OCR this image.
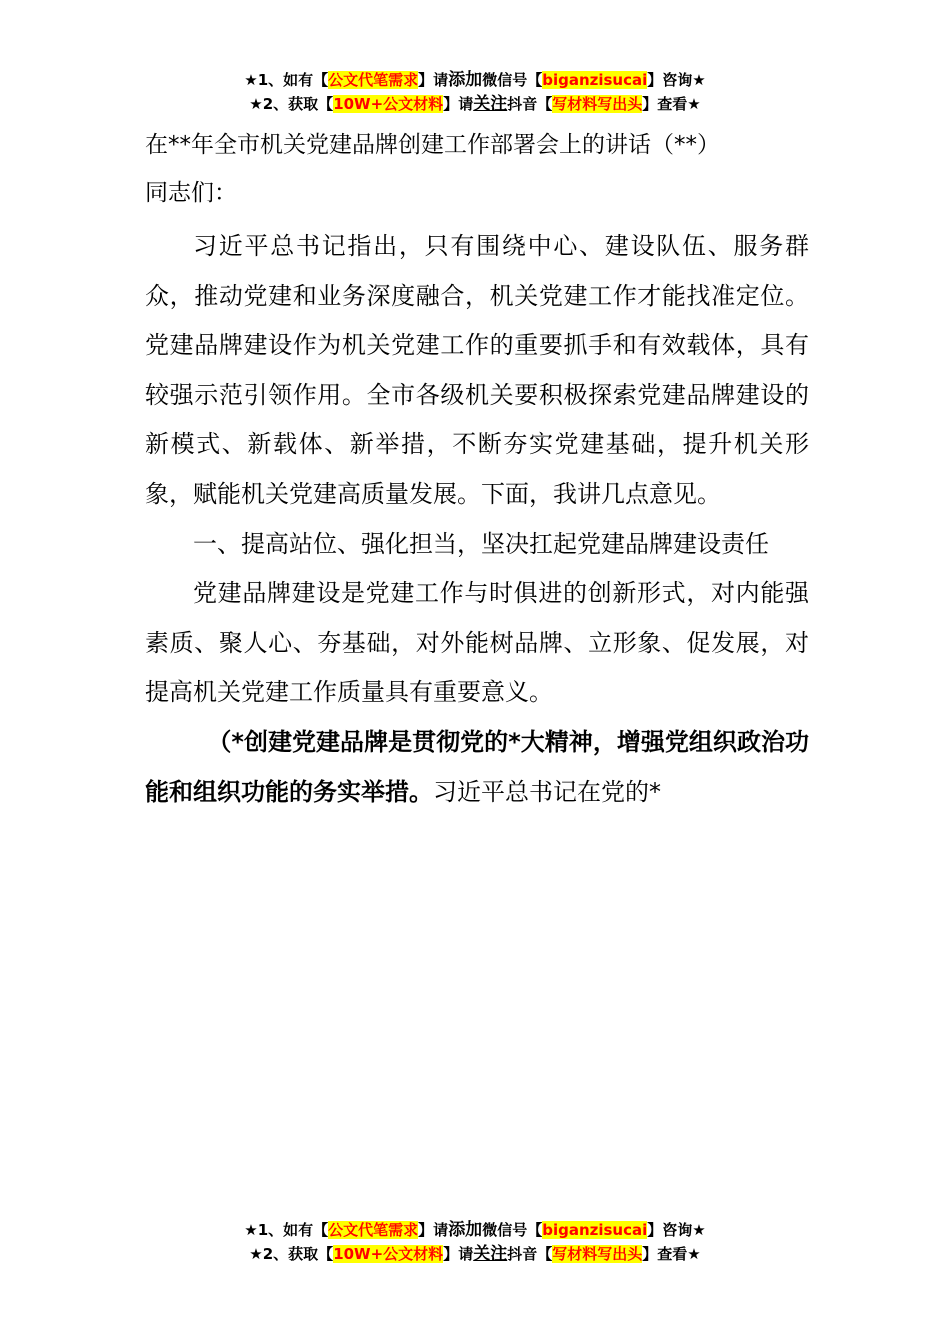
★1、如有【公文代笔需求】请添加微信号【biganzisucai】咨询★
★2、获取【10W+公文材料】请关注抖音【写材料写出头】查看★
在**年全市机关党建品牌创建工作部署会上的讲话（**）
同志们：

习近平总书记指出，只有围绕中心、建设队伍、服务群众，推动党建和业务深度融合，机关党建工作才能找准定位。党建品牌建设作为机关党建工作的重要抓手和有效载体，具有较强示范引领作用。全市各级机关要积极探索党建品牌建设的新模式、新载体、新举措，不断夯实党建基础，提升机关形象，赋能机关党建高质量发展。下面，我讲几点意见。

一、提高站位、强化担当，坚决扛起党建品牌建设责任

党建品牌建设是党建工作与时俱进的创新形式，对内能强素质、聚人心、夯基础，对外能树品牌、立形象、促发展，对提高机关党建工作质量具有重要意义。

（*创建党建品牌是贯彻党的*大精神，增强党组织政治功能和组织功能的务实举措。习近平总书记在党的*

★1、如有【公文代笔需求】请添加微信号【biganzisucai】咨询★
★2、获取【10W+公文材料】请关注抖音【写材料写出头】查看★
